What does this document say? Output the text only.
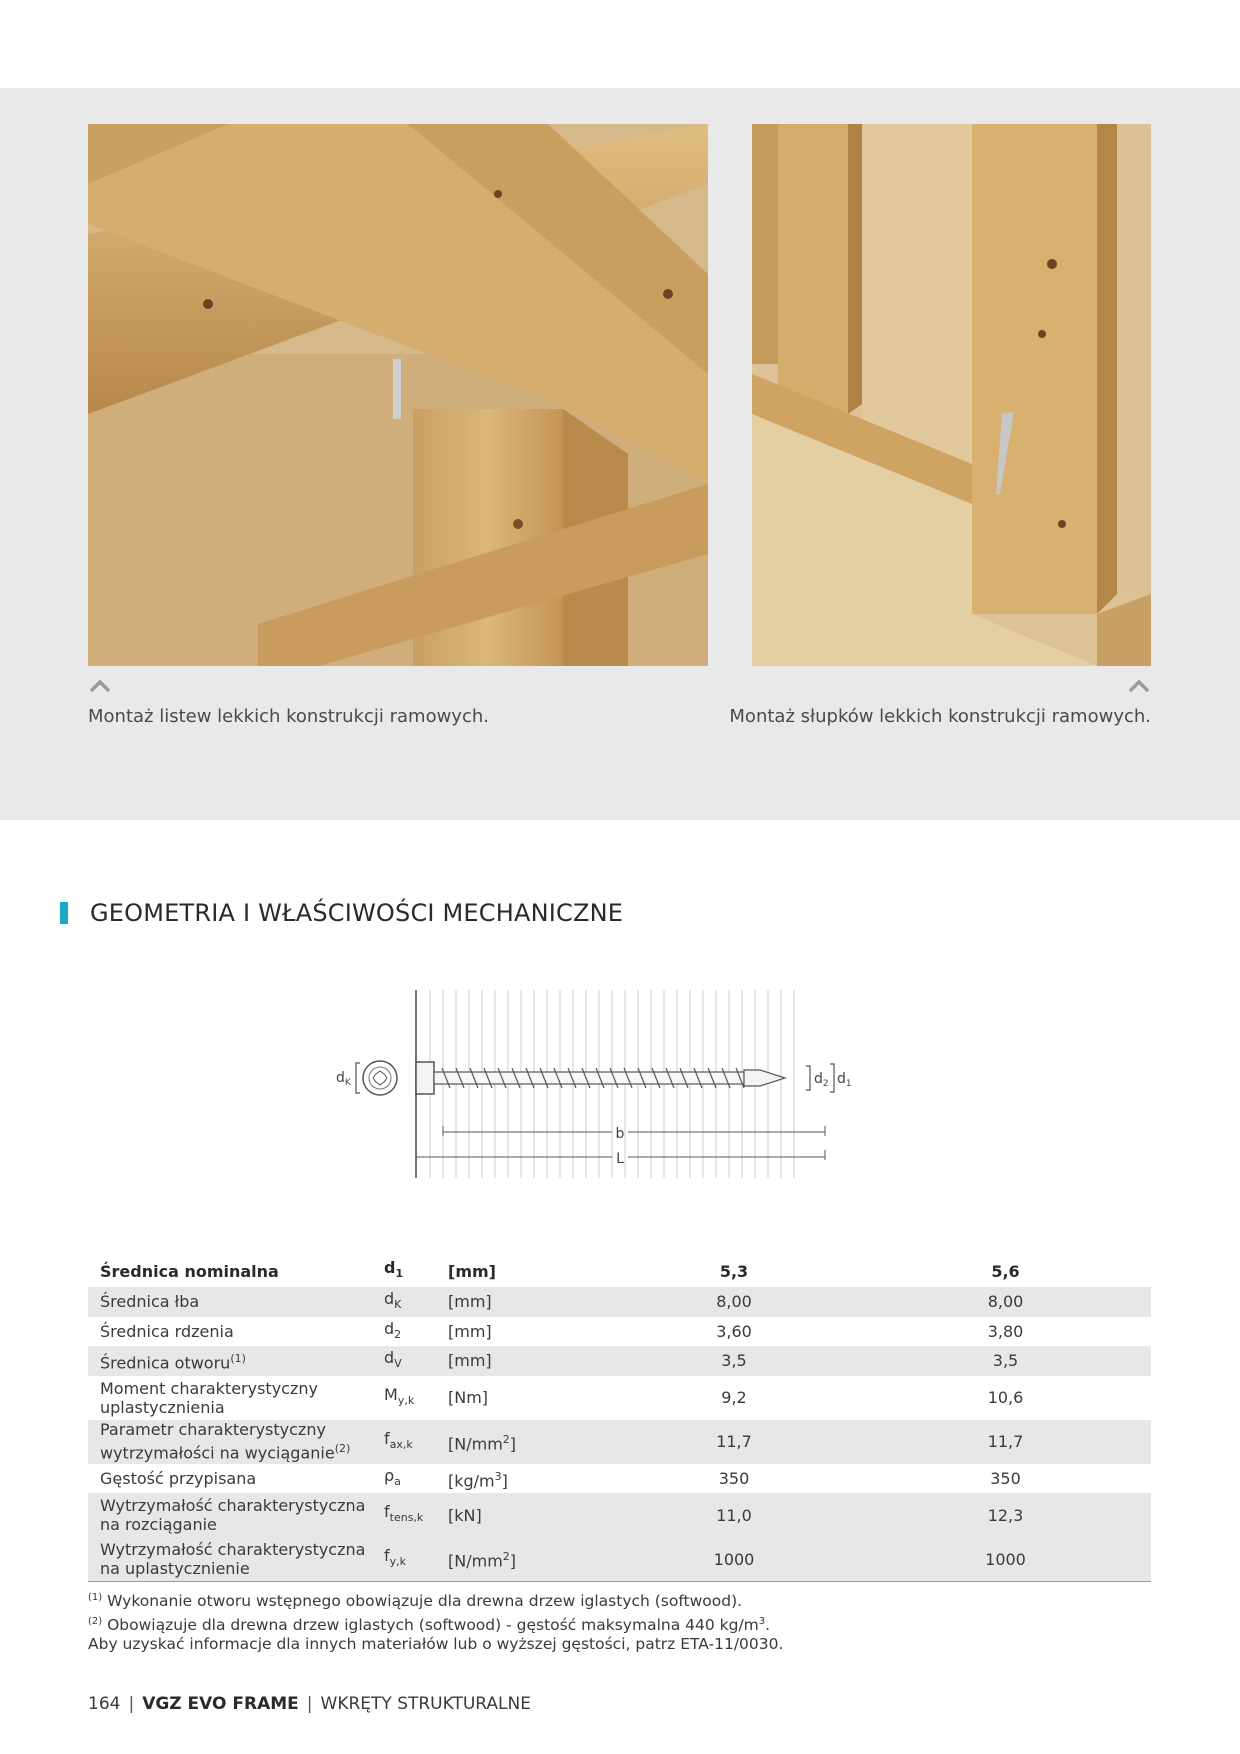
Montaż listew lekkich konstrukcji ramowych.	Montaż słupków lekkich konstrukcji ramowych.
GEOMETRIA I WŁAŚCIWOŚCI MECHANICZNE
$d_K$	$d_2$ $d_1$
b
L
Średnica nominalna	$d_1$	[mm]	5,3	5,6
Średnica łba	$d_K$	[mm]	8,00	8,00
Średnica rdzenia	$d_2$	[mm]	3,60	3,80
Średnica otworu$^{(1)}$	$d_V$	[mm]	3,5	3,5
Moment charakterystyczny
uplastycznienia	$M_{y,k}$	[Nm]	9,2	10,6
Parametr charakterystyczny
wytrzymałości na wyciąganie$^{(2)}$	$f_{ax,k}$	$[N/mm^2]$	11,7	11,7
Gęstość przypisana	$\rho_a$	$[kg/m^3]$	350	350
Wytrzymałość charakterystyczna
na rozciąganie	$f_{tens,k}$	[kN]	11,0	12,3
Wytrzymałość charakterystyczna
na uplastycznienie	$f_{y,k}$	$[N/mm^2]$	1000	1000
$^{(1)}$ Wykonanie otworu wstępnego obowiązuje dla drewna drzew iglastych (softwood).
$^{(2)}$ Obowiązuje dla drewna drzew iglastych (softwood) - gęstość maksymalna 440 $kg/m^3$.
Aby uzyskać informacje dla innych materiałów lub o wyższej gęstości, patrz ETA-11/0030.
164 | VGZ EVO FRAME | WKRĘTY STRUKTURALNE
